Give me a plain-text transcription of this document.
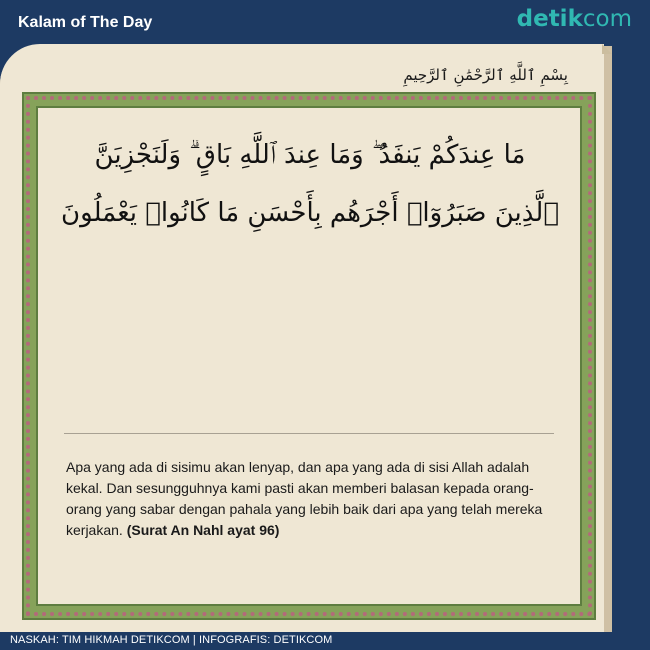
Kalam of The Day	detikcom
بِسْمِ ٱللَّهِ ٱلرَّحْمَٰنِ ٱلرَّحِيمِ
مَا عِندَكُمْ يَنفَدُ ۖ وَمَا عِندَ ٱللَّهِ بَاقٍ ۗ وَلَنَجْزِيَنَّ
ٱلَّذِينَ صَبَرُوٓا۟ أَجْرَهُم بِأَحْسَنِ مَا كَانُوا۟ يَعْمَلُونَ
Apa yang ada di sisimu akan lenyap, dan apa yang ada di sisi Allah adalah kekal. Dan sesungguhnya kami pasti akan memberi balasan kepada orang-orang yang sabar dengan pahala yang lebih baik dari apa yang telah mereka kerjakan. (Surat An Nahl ayat 96)
NASKAH: TIM HIKMAH DETIKCOM | INFOGRAFIS: DETIKCOM
